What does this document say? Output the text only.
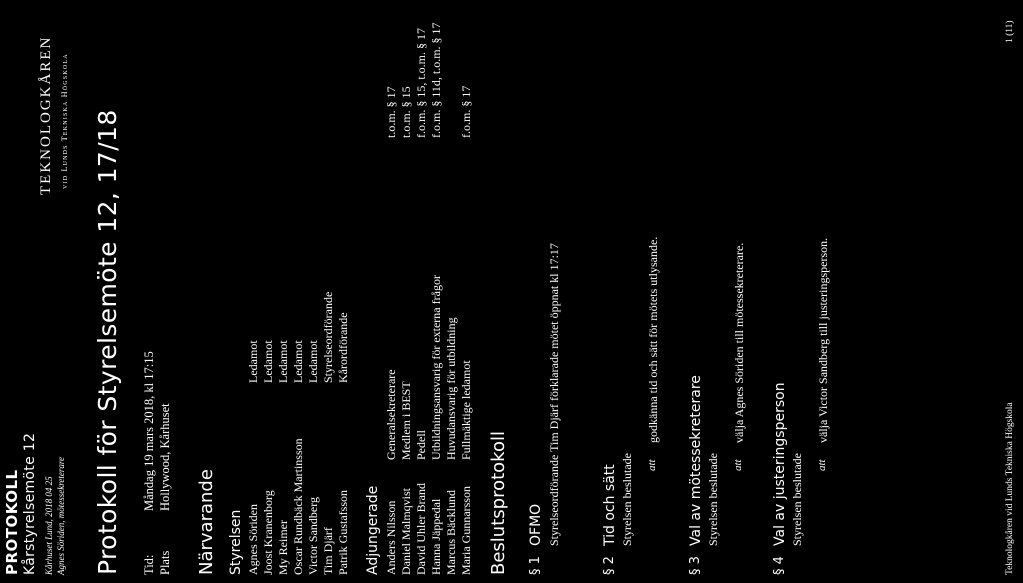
PROTOKOLL Kårstyrelsemöte 12 Kårhuset Lund, 2018 04 25 Agnes Söriden, mötessekreterare
TEKNOLOGKÅREN vid Lunds Tekniska Högskola Protokoll för Styrelsemöte 12, 17/18 Tid:
Måndag 19 mars 2018, kl 17:15
Plats
Hollywood, Kårhuset
Närvarande Styrelsen Agnes Söriden
Ledamot
Joost Kranenborg
Ledamot
My Reimer
Ledamot
Oscar Rundbäck Martinsson
Ledamot
Victor Sandberg
Ledamot
Tim Djärf
Styrelseordförande
Patrik Gustafsson
Kårordförande
Adjungerade Anders Nilsson
Generalsekreterare
t.o.m. § 17
Daniel Malmqvist
Medlem i BEST
t.o.m. § 15
David Uhler Brand
Pedell
f.o.m. § 15, t.o.m. § 17
Hanna Jäppedal
Utbildningsansvarig för externa frågor
f.o.m. § 11d, t.o.m. § 17
Marcus Bäcklund
Huvudansvarig för utbildning
Maria Gunnarsson
Fullmäktige ledamot
f.o.m. § 17
Beslutsprotokoll § 1
OFMO Styrelseordförande Tim Djärf förklarade mötet öppnat kl 17:17
§ 2
Tid och sätt Styrelsen beslutade att
godkänna tid och sätt för mötets utlysande.
§ 3
Val av mötessekreterare Styrelsen beslutade att
välja Agnes Söriden till mötessekreterare.
§ 4
Val av justeringsperson Styrelsen beslutade att
välja Victor Sandberg till justeringsperson.
Teknologkåren vid Lunds Tekniska Högskola
1 (11)
